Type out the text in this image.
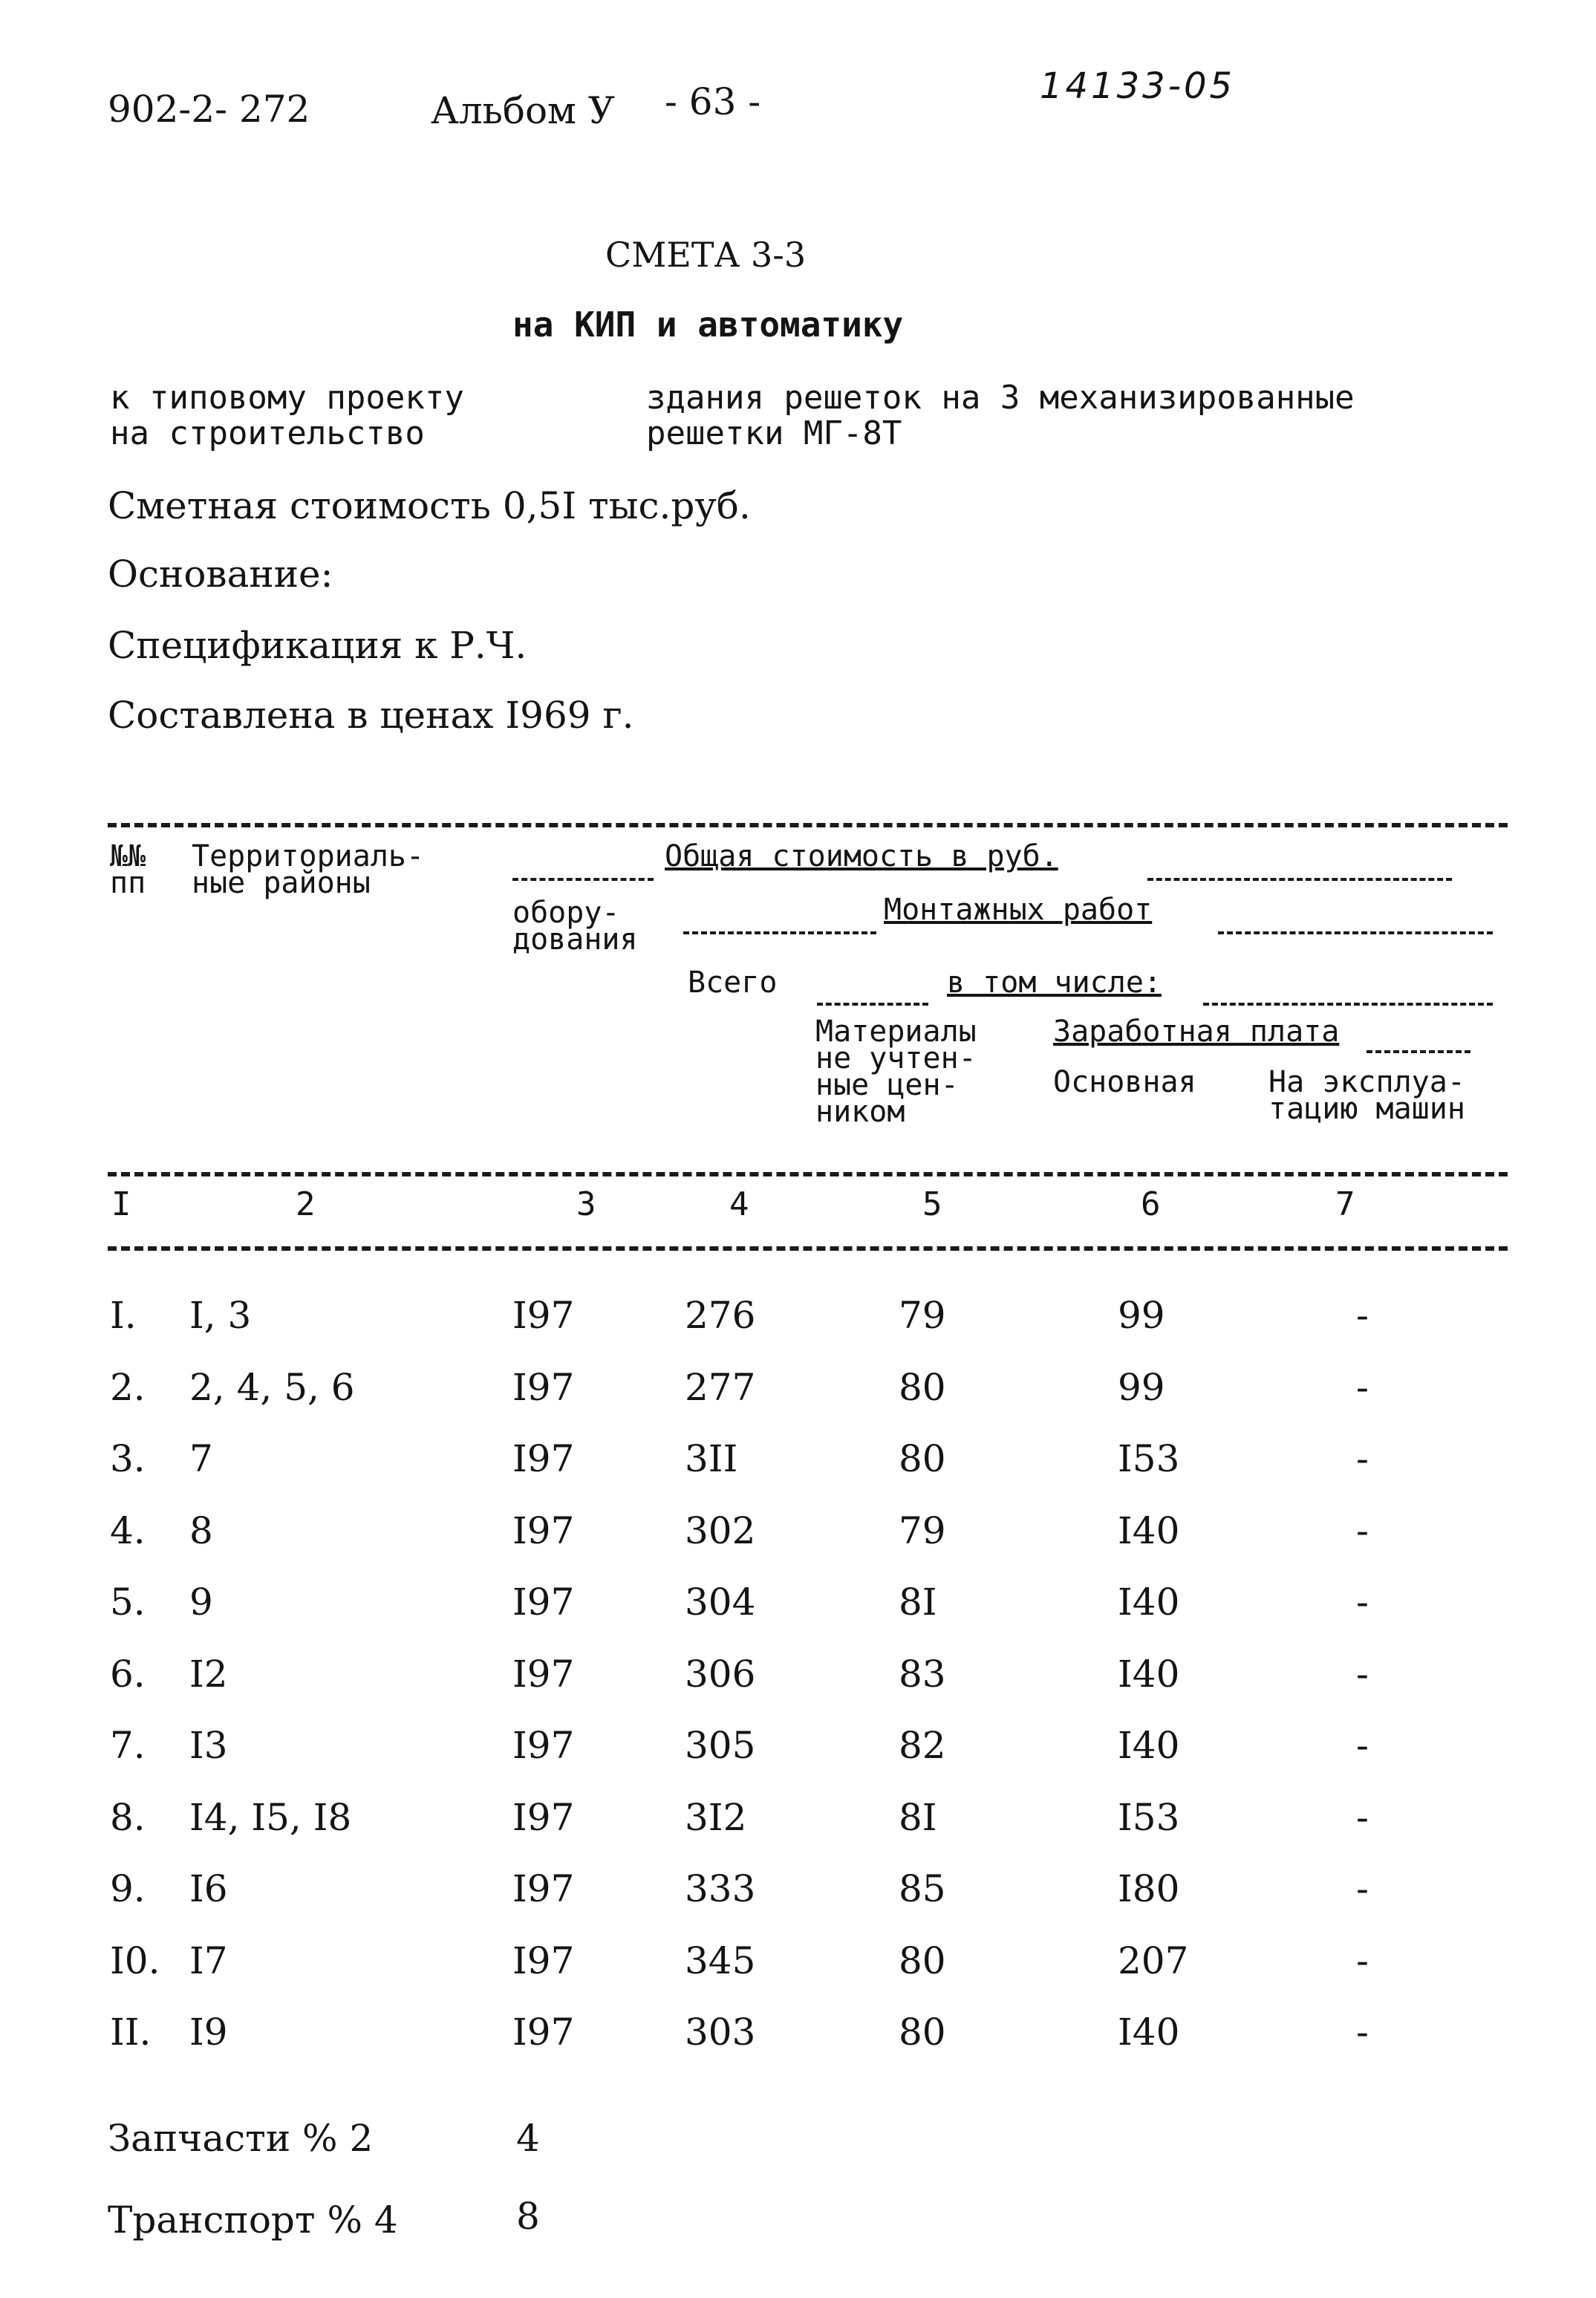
902-2- 272	Альбом У - 63 -	14133-05
СМЕТА 3-3
на КИП и автоматику
к типовому проекту
на строительство
здания решеток на 3 механизированные
решетки МГ-8Т
Сметная стоимость 0,5I тыс.руб.
Основание:
Спецификация к Р.Ч.
Составлена в ценах I969 г.
№№
пп
Территориаль-
ные районы
Общая стоимость в руб.
обору-
дования
Монтажных работ
Всего	в том числе:
Материалы
не учтен-
ные цен-
ником
Заработная плата
Основная На эксплуа-
тацию машин
I	2	3	4	5	6	7
I. I, 3	I97	276	79	99	-
2. 2, 4, 5, 6	I97	277	80	99	-
3. 7	I97	3II	80	I53	-
4. 8	I97	302	79	I40	-
5. 9	I97	304	8I	I40	-
6. I2	I97	306	83	I40	-
7. I3	I97	305	82	I40	-
8. I4, I5, I8	I97	3I2	8I	I53	-
9. I6	I97	333	85	I80	-
I0. I7	I97	345	80	207	-
II. I9	I97	303	80	I40	-
Запчасти % 2	4
Транспорт % 4	8
